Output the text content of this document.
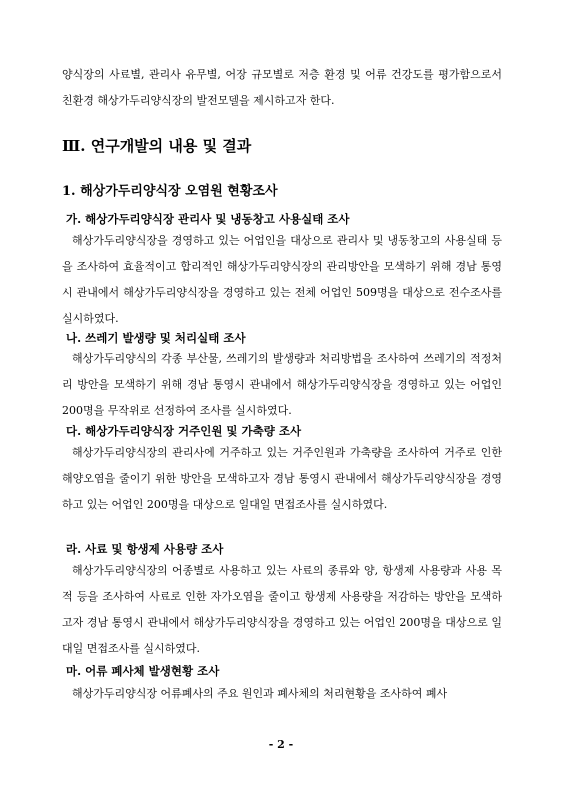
양식장의 사료별, 관리사 유무별, 어장 규모별로 저층 환경 및 어류 건강도를 평가함으로서 친환경 해상가두리양식장의 발전모델을 제시하고자 한다.

Ⅲ. 연구개발의 내용 및 결과

1. 해상가두리양식장 오염원 현황조사

가. 해상가두리양식장 관리사 및 냉동창고 사용실태 조사

해상가두리양식장을 경영하고 있는 어업인을 대상으로 관리사 및 냉동창고의 사용실태 등을 조사하여 효율적이고 합리적인 해상가두리양식장의 관리방안을 모색하기 위해 경남 통영시 관내에서 해상가두리양식장을 경영하고 있는 전체 어업인 509명을 대상으로 전수조사를 실시하였다.

나. 쓰레기 발생량 및 처리실태 조사

해상가두리양식의 각종 부산물, 쓰레기의 발생량과 처리방법을 조사하여 쓰레기의 적정처리 방안을 모색하기 위해 경남 통영시 관내에서 해상가두리양식장을 경영하고 있는 어업인 200명을 무작위로 선정하여 조사를 실시하였다.

다. 해상가두리양식장 거주인원 및 가축량 조사

해상가두리양식장의 관리사에 거주하고 있는 거주인원과 가축량을 조사하여 거주로 인한 해양오염을 줄이기 위한 방안을 모색하고자 경남 통영시 관내에서 해상가두리양식장을 경영하고 있는 어업인 200명을 대상으로 일대일 면접조사를 실시하였다.

라. 사료 및 항생제 사용량 조사

해상가두리양식장의 어종별로 사용하고 있는 사료의 종류와 양, 항생제 사용량과 사용 목적 등을 조사하여 사료로 인한 자가오염을 줄이고 항생제 사용량을 저감하는 방안을 모색하고자 경남 통영시 관내에서 해상가두리양식장을 경영하고 있는 어업인 200명을 대상으로 일대일 면접조사를 실시하였다.

마. 어류 폐사체 발생현황 조사

해상가두리양식장 어류폐사의 주요 원인과 폐사체의 처리현황을 조사하여 폐사

- 2 -
